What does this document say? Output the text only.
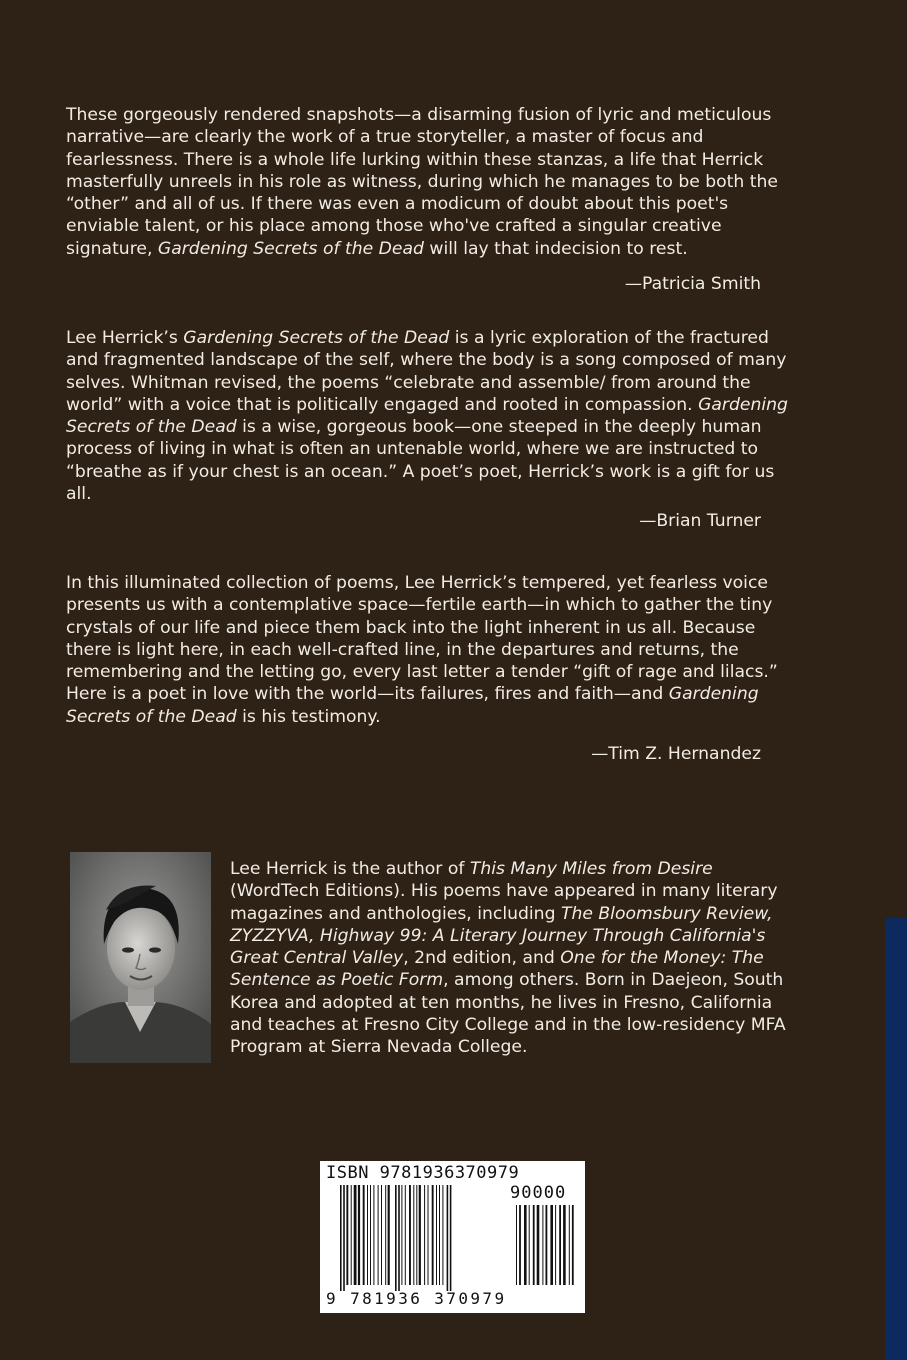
These gorgeously rendered snapshots—a disarming fusion of lyric and meticulous narrative—are clearly the work of a true storyteller, a master of focus and fearlessness. There is a whole life lurking within these stanzas, a life that Herrick masterfully unreels in his role as witness, during which he manages to be both the “other” and all of us. If there was even a modicum of doubt about this poet's enviable talent, or his place among those who've crafted a singular creative signature, Gardening Secrets of the Dead will lay that indecision to rest.

—Patricia Smith

Lee Herrick’s Gardening Secrets of the Dead is a lyric exploration of the fractured and fragmented landscape of the self, where the body is a song composed of many selves. Whitman revised, the poems “celebrate and assemble/ from around the world” with a voice that is politically engaged and rooted in compassion. Gardening Secrets of the Dead is a wise, gorgeous book—one steeped in the deeply human process of living in what is often an untenable world, where we are instructed to “breathe as if your chest is an ocean.” A poet’s poet, Herrick’s work is a gift for us all.

—Brian Turner

In this illuminated collection of poems, Lee Herrick’s tempered, yet fearless voice presents us with a contemplative space—fertile earth—in which to gather the tiny crystals of our life and piece them back into the light inherent in us all. Because there is light here, in each well-crafted line, in the departures and returns, the remembering and the letting go, every last letter a tender “gift of rage and lilacs.” Here is a poet in love with the world—its failures, fires and faith—and Gardening Secrets of the Dead is his testimony.

—Tim Z. Hernandez

Lee Herrick is the author of This Many Miles from Desire (WordTech Editions). His poems have appeared in many literary magazines and anthologies, including The Bloomsbury Review, ZYZZYVA, Highway 99: A Literary Journey Through California's Great Central Valley, 2nd edition, and One for the Money: The Sentence as Poetic Form, among others. Born in Daejeon, South Korea and adopted at ten months, he lives in Fresno, California and teaches at Fresno City College and in the low-residency MFA Program at Sierra Nevada College.

ISBN 9781936370979
90000
9 781936 370979
